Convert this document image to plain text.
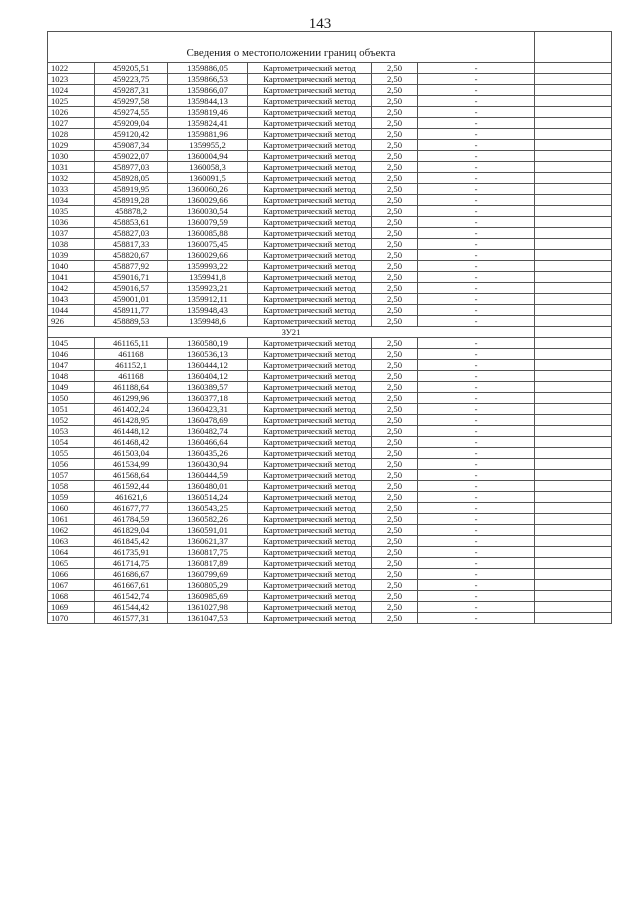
143
Сведения о местоположении границ объекта						
1022	459205,51	1359886,05	Картометрический метод	2,50	-	
1023	459223,75	1359866,53	Картометрический метод	2,50	-	
1024	459287,31	1359866,07	Картометрический метод	2,50	-	
1025	459297,58	1359844,13	Картометрический метод	2,50	-	
1026	459274,55	1359819,46	Картометрический метод	2,50	-	
1027	459209,04	1359824,41	Картометрический метод	2,50	-	
1028	459120,42	1359881,96	Картометрический метод	2,50	-	
1029	459087,34	1359955,2	Картометрический метод	2,50	-	
1030	459022,07	1360004,94	Картометрический метод	2,50	-	
1031	458977,03	1360058,3	Картометрический метод	2,50	-	
1032	458928,05	1360091,5	Картометрический метод	2,50	-	
1033	458919,95	1360060,26	Картометрический метод	2,50	-	
1034	458919,28	1360029,66	Картометрический метод	2,50	-	
1035	458878,2	1360030,54	Картометрический метод	2,50	-	
1036	458853,61	1360079,59	Картометрический метод	2,50	-	
1037	458827,03	1360085,88	Картометрический метод	2,50	-	
1038	458817,33	1360075,45	Картометрический метод	2,50	-	
1039	458820,67	1360029,66	Картометрический метод	2,50	-	
1040	458877,92	1359993,22	Картометрический метод	2,50	-	
1041	459016,71	1359941,8	Картометрический метод	2,50	-	
1042	459016,57	1359923,21	Картометрический метод	2,50	-	
1043	459001,01	1359912,11	Картометрический метод	2,50	-	
1044	458911,77	1359948,43	Картометрический метод	2,50	-	
926	458889,53	1359948,6	Картометрический метод	2,50	-	
ЗУ21						
1045	461165,11	1360580,19	Картометрический метод	2,50	-	
1046	461168	1360536,13	Картометрический метод	2,50	-	
1047	461152,1	1360444,12	Картометрический метод	2,50	-	
1048	461168	1360404,12	Картометрический метод	2,50	-	
1049	461188,64	1360389,57	Картометрический метод	2,50	-	
1050	461299,96	1360377,18	Картометрический метод	2,50	-	
1051	461402,24	1360423,31	Картометрический метод	2,50	-	
1052	461428,95	1360478,69	Картометрический метод	2,50	-	
1053	461448,12	1360482,74	Картометрический метод	2,50	-	
1054	461468,42	1360466,64	Картометрический метод	2,50	-	
1055	461503,04	1360435,26	Картометрический метод	2,50	-	
1056	461534,99	1360430,94	Картометрический метод	2,50	-	
1057	461568,64	1360444,59	Картометрический метод	2,50	-	
1058	461592,44	1360480,01	Картометрический метод	2,50	-	
1059	461621,6	1360514,24	Картометрический метод	2,50	-	
1060	461677,77	1360543,25	Картометрический метод	2,50	-	
1061	461784,59	1360582,26	Картометрический метод	2,50	-	
1062	461829,04	1360591,01	Картометрический метод	2,50	-	
1063	461845,42	1360621,37	Картометрический метод	2,50	-	
1064	461735,91	1360817,75	Картометрический метод	2,50	-	
1065	461714,75	1360817,89	Картометрический метод	2,50	-	
1066	461686,67	1360799,69	Картометрический метод	2,50	-	
1067	461667,61	1360805,29	Картометрический метод	2,50	-	
1068	461542,74	1360985,69	Картометрический метод	2,50	-	
1069	461544,42	1361027,98	Картометрический метод	2,50	-	
1070	461577,31	1361047,53	Картометрический метод	2,50	-	
